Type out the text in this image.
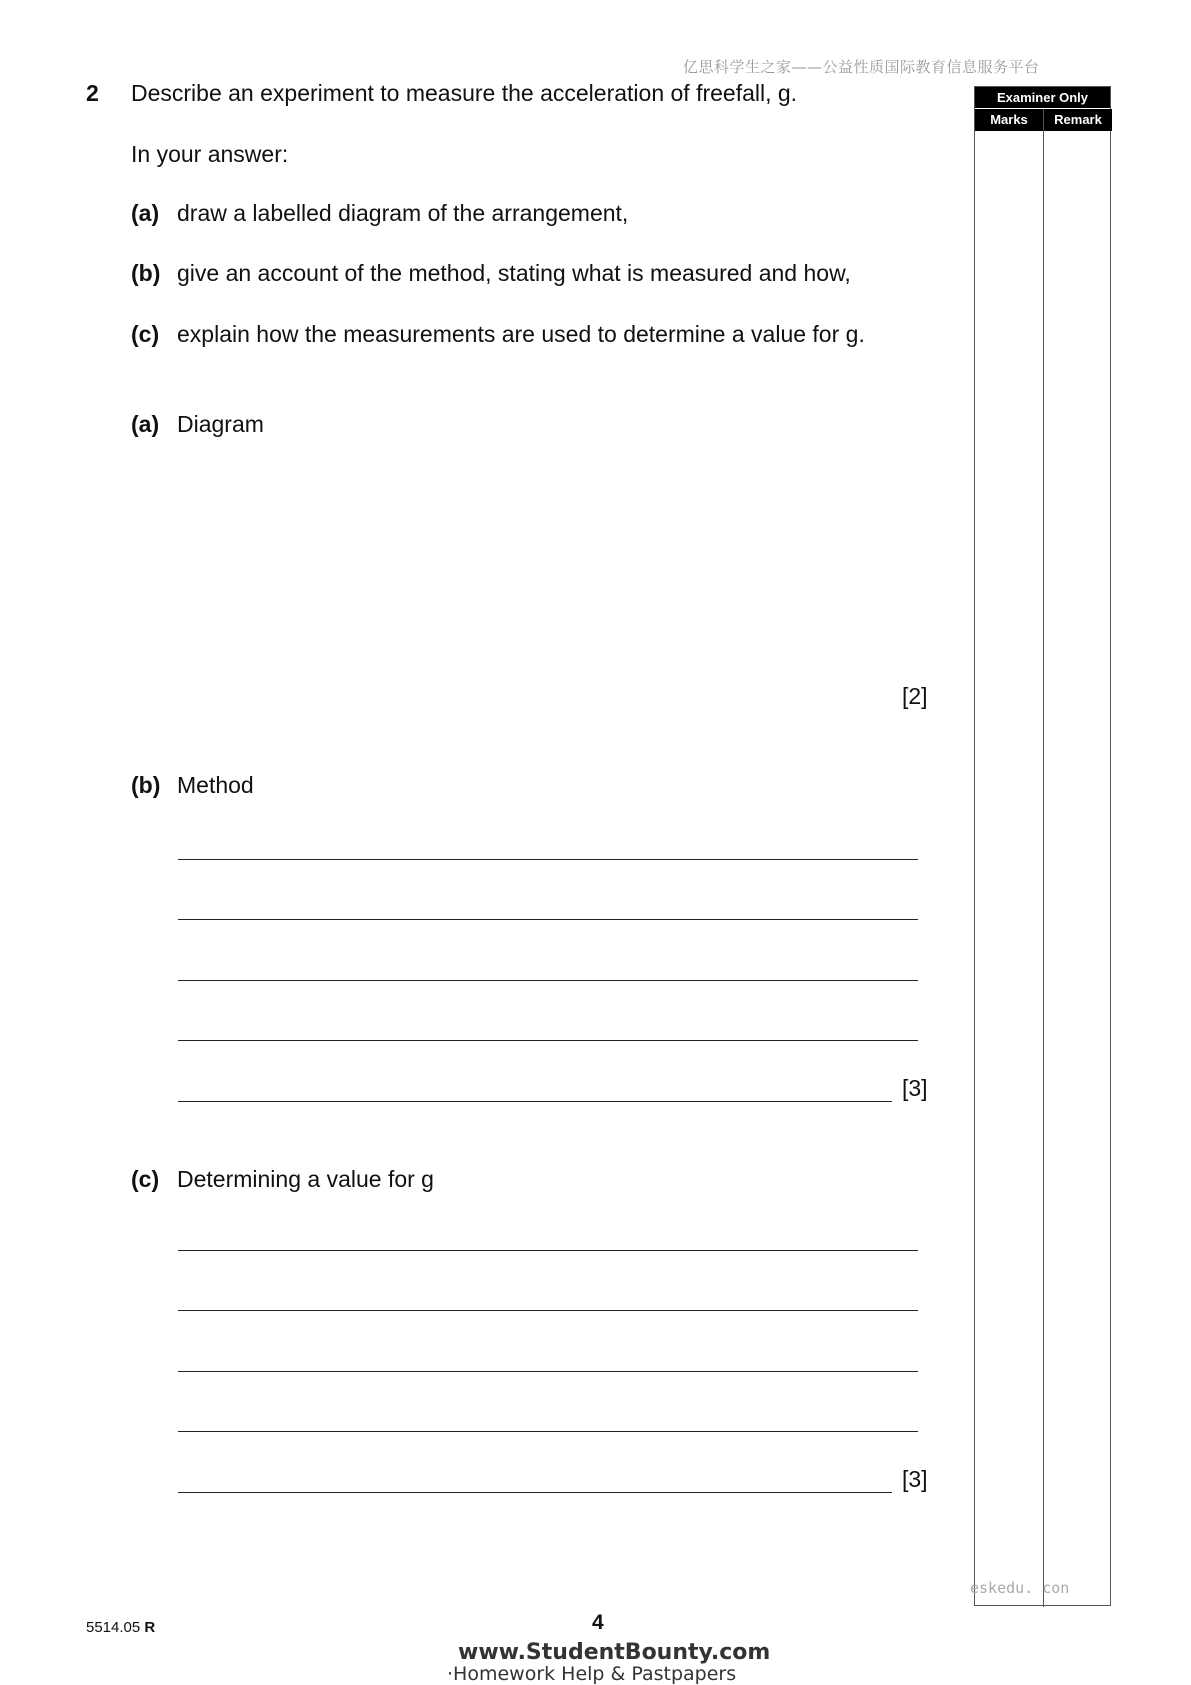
亿思科学生之家——公益性质国际教育信息服务平台
2 Describe an experiment to measure the acceleration of freefall, g.
In your answer:
(a) draw a labelled diagram of the arrangement,
(b) give an account of the method, stating what is measured and how,
(c) explain how the measurements are used to determine a value for g.
(a) Diagram
[2]
(b) Method
[3]
(c) Determining a value for g
[3]
Examiner Only
Marks	Remark
eskedu. con
5514.05 R	4
www.StudentBounty.com
·Homework Help & Pastpapers
